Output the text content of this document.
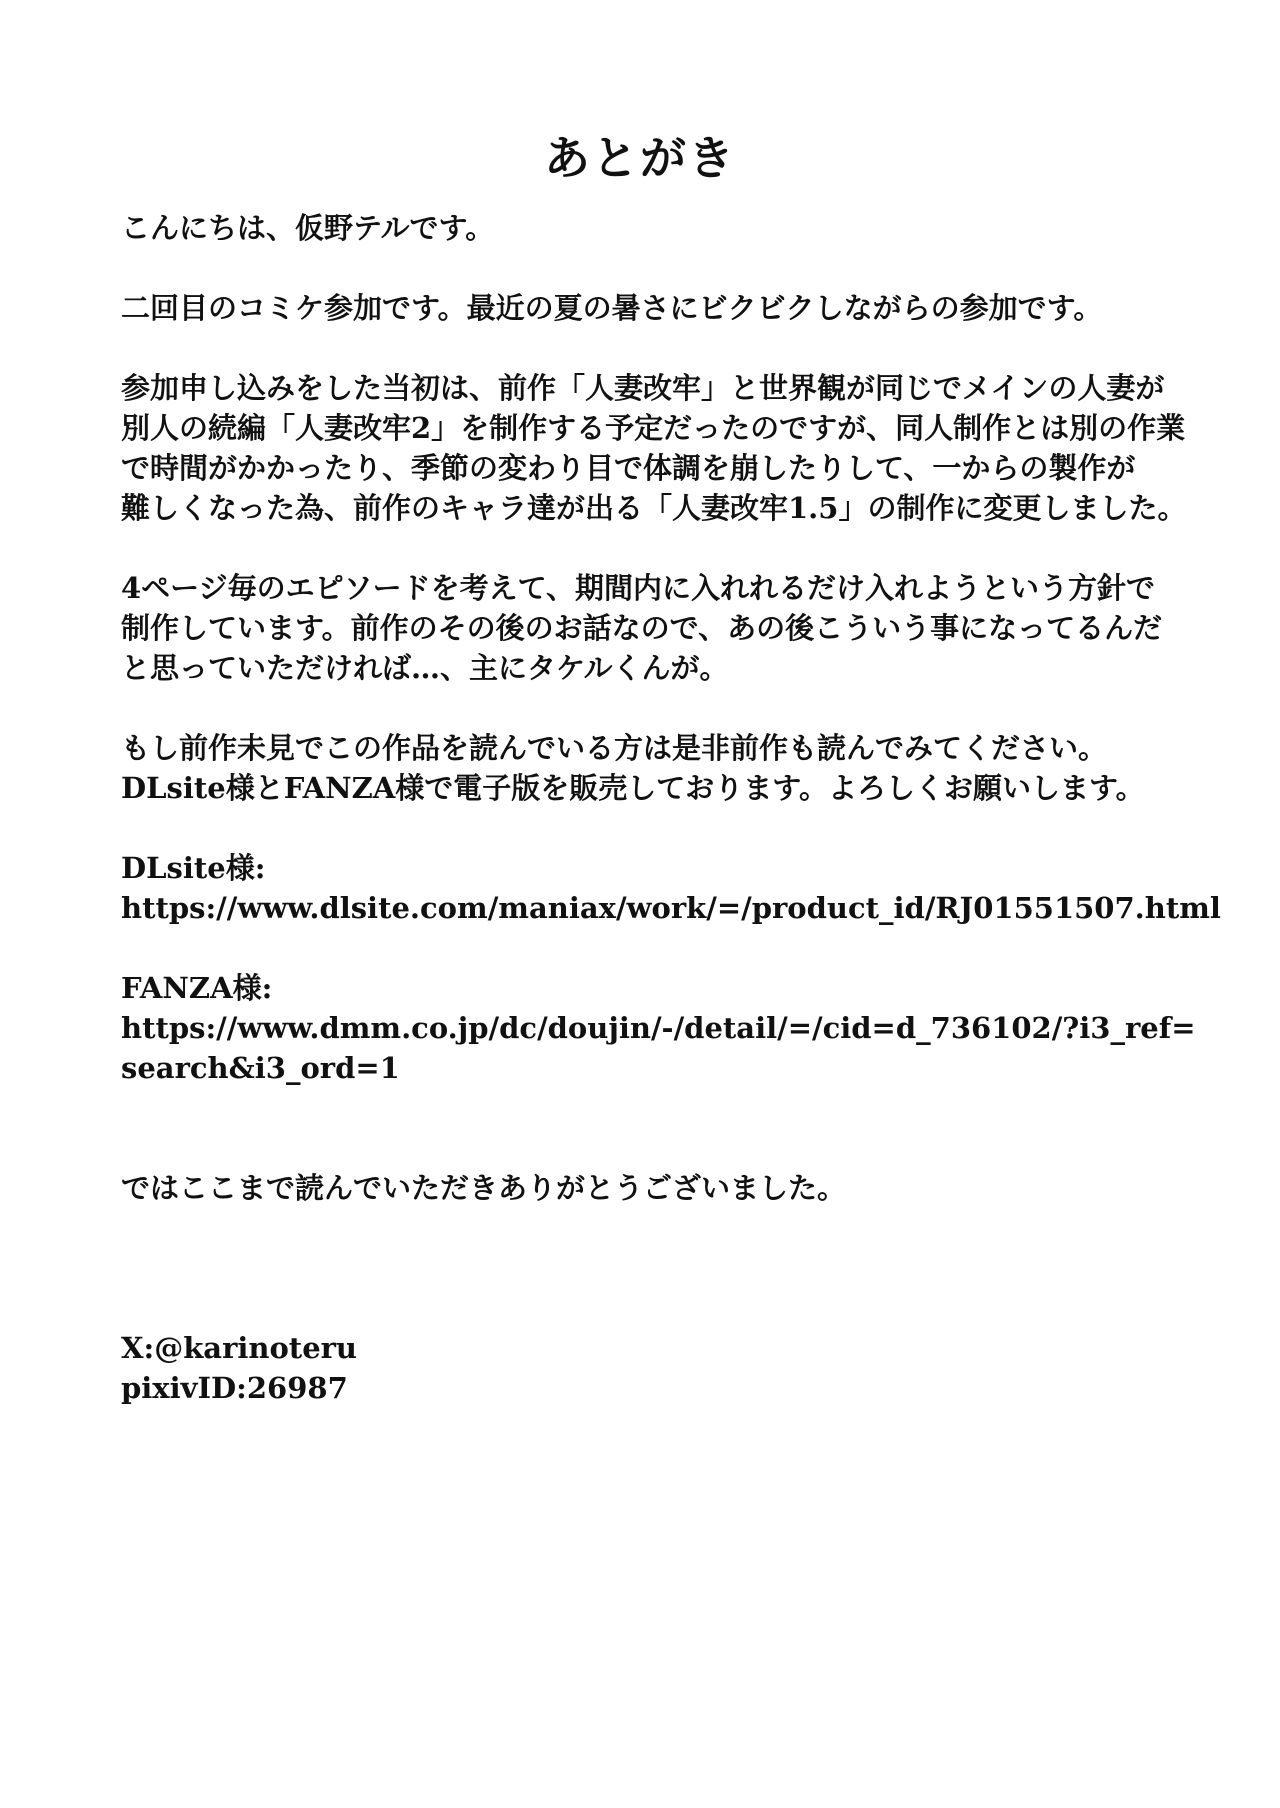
あとがき
こんにちは、仮野テルです。
二回目のコミケ参加です。最近の夏の暑さにビクビクしながらの参加です。
参加申し込みをした当初は、前作「人妻改牢」と世界観が同じでメインの人妻が
別人の続編「人妻改牢2」を制作する予定だったのですが、同人制作とは別の作業
で時間がかかったり、季節の変わり目で体調を崩したりして、一からの製作が
難しくなった為、前作のキャラ達が出る「人妻改牢1.5」の制作に変更しました。
4ページ毎のエピソードを考えて、期間内に入れれるだけ入れようという方針で
制作しています。前作のその後のお話なので、あの後こういう事になってるんだ
と思っていただければ…、主にタケルくんが。
もし前作未見でこの作品を読んでいる方は是非前作も読んでみてください。
DLsite様とFANZA様で電子版を販売しております。よろしくお願いします。
DLsite様:
https://www.dlsite.com/maniax/work/=/product_id/RJ01551507.html
FANZA様:
https://www.dmm.co.jp/dc/doujin/-/detail/=/cid=d_736102/?i3_ref=
search&i3_ord=1
ではここまで読んでいただきありがとうございました。
X:@karinoteru
pixivID:26987
